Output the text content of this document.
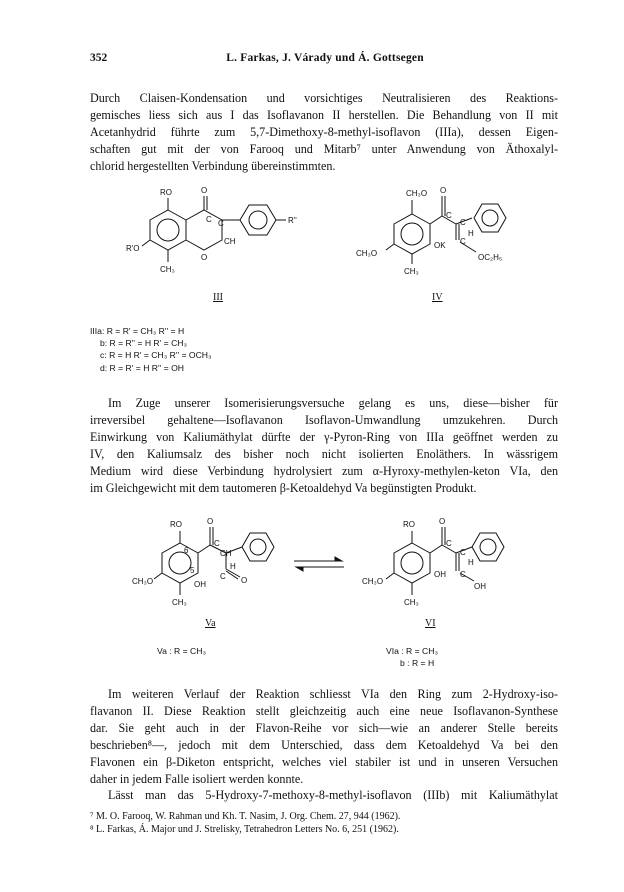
352	L. Farkas, J. Várady und Á. Gottsegen

Durch Claisen-Kondensation und vorsichtiges Neutralisieren des Reaktions-
gemisches liess sich aus I das Isoflavanon II herstellen. Die Behandlung von II mit
Acetanhydrid führte zum 5,7-Dimethoxy-8-methyl-isoflavon (IIIa), dessen Eigen-
schaften gut mit der von Farooq und Mitarb⁷ unter Anwendung von Äthoxalyl-
chlorid hergestellten Verbindung übereinstimmten.

RO	O
C C
CH
O
R'O
R''
CH₃
III
CH₃O O
C
C
OK C
H
CH₃O	OC₂H₅
CH₃
IV
IIIa: R = R' = CH₃ R'' = H
b: R = R'' = H R' = CH₃
c: R = H R' = CH₃ R'' = OCH₃
d: R = R' = H R'' = OH

Im Zuge unserer Isomerisierungsversuche gelang es uns, diese—bisher für
irreversibel gehaltene—Isoflavanon Isoflavon-Umwandlung umzukehren. Durch
Einwirkung von Kaliumäthylat dürfte der γ-Pyron-Ring von IIIa geöffnet werden zu
IV, den Kaliumsalz des bisher noch nicht isolierten Enoläthers. In wässrigem
Medium wird diese Verbindung hydrolysiert zum α-Hyroxy-methylen-keton VIa, den
im Gleichgewicht mit dem tautomeren β-Ketoaldehyd Va begünstigten Produkt.

RO	O
6
5
C
CH
H
C O
CH₃O	OH
CH₃
Va
RO	O
C
C
OH C
H
OH
CH₃O
CH₃
VI
Va : R = CH₃	VIa : R = CH₃
b : R = H

Im weiteren Verlauf der Reaktion schliesst VIa den Ring zum 2-Hydroxy-iso-
flavanon II. Diese Reaktion stellt gleichzeitig auch eine neue Isoflavanon-Synthese
dar. Sie geht auch in der Flavon-Reihe vor sich—wie an anderer Stelle bereits
beschrieben⁸—, jedoch mit dem Unterschied, dass dem Ketoaldehyd Va bei den
Flavonen ein β-Diketon entspricht, welches viel stabiler ist und in unseren Versuchen
daher in jedem Falle isoliert werden konnte.
Lässt man das 5-Hydroxy-7-methoxy-8-methyl-isoflavon (IIIb) mit Kaliumäthylat

⁷ M. O. Farooq, W. Rahman und Kh. T. Nasim, J. Org. Chem. 27, 944 (1962).
⁸ L. Farkas, Á. Major und J. Strelisky, Tetrahedron Letters No. 6, 251 (1962).
